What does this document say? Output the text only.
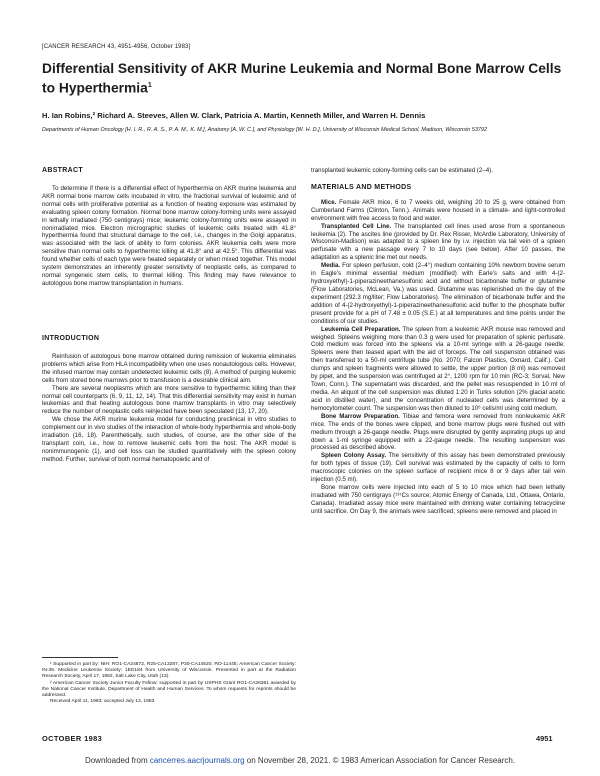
[CANCER RESEARCH 43, 4951-4956, October 1983]
Differential Sensitivity of AKR Murine Leukemia and Normal Bone Marrow Cells to Hyperthermia$^1$
H. Ian Robins,² Richard A. Steeves, Allen W. Clark, Patricia A. Martin, Kenneth Miller, and Warren H. Dennis
Departments of Human Oncology [H. I. R., R. A. S., P. A. M., K. M.], Anatomy [A. W. C.], and Physiology [W. H. D.], University of Wisconsin Medical School, Madison, Wisconsin 53792
ABSTRACT

To determine if there is a differential effect of hyperthermia on AKR murine leukemia and AKR normal bone marrow cells incubated in vitro, the fractional survival of leukemic and of normal cells with proliferative potential as a function of heating exposure was estimated by evaluating spleen colony formation. Normal bone marrow colony-forming units were assayed in lethally irradiated (750 centigrays) mice; leukemic colony-forming units were assayed in nonirradiated mice. Electron micrographic studies of leukemic cells treated with 41.8° hyperthermia found that structural damage to the cell, i.e., changes in the Golgi apparatus, was associated with the lack of ability to form colonies. AKR leukemia cells were more sensitive than normal cells to hyperthermic killing at 41.8° and at 42.5°. This differential was found whether cells of each type were heated separately or when mixed together. This model system demonstrates an inherently greater sensitivity of neoplastic cells, as compared to normal syngeneic stem cells, to thermal killing. This finding may have relevance to autologous bone marrow transplantation in humans.

INTRODUCTION

Reinfusion of autologous bone marrow obtained during remission of leukemia eliminates problems which arise from HLA incompatibility when one uses nonautologous cells. However, the infused marrow may contain undetected leukemic cells (8). A method of purging leukemic cells from stored bone marrows prior to transfusion is a desirable clinical aim.

There are several neoplasms which are more sensitive to hyperthermic killing than their normal cell counterparts (6, 9, 11, 12, 14). That this differential sensitivity may exist in human leukemias and that heating autologous bone marrow transplants in vitro may selectively reduce the number of neoplastic cells reinjected have been speculated (13, 17, 20).

We chose the AKR murine leukemia model for conducting preclinical in vitro studies to complement our in vivo studies of the interaction of whole-body hyperthermia and whole-body irradiation (16, 18). Parenthetically, such studies, of course, are the other side of the transplant coin, i.e., how to remove leukemic cells from the host. The AKR model is nonimmunogenic (1), and cell loss can be studied quantitatively with the spleen colony method. Further, survival of both normal hematopoietic and of

¹ Supported in part by: NIH: RO1-CA24872, R25-CA13287, P30-CA14520, RO-11445; American Cancer Society: IN-35. Medicine Leukemia Society: 1ED184 from University of Wisconsin. Presented in part at the Radiation Research Society, April 17, 1982, Salt Lake City, Utah (13).

² American Cancer Society Junior Faculty Fellow: supported in part by USPHS Grant RO1-CA26361 awarded by the National Cancer Institute, Department of Health and Human Services. To whom requests for reprints should be addressed.

Received April 11, 1983; accepted July 13, 1983.

transplanted leukemic colony-forming cells can be estimated (2–4).

MATERIALS AND METHODS

Mice. Female AKR mice, 6 to 7 weeks old, weighing 20 to 25 g, were obtained from Cumberland Farms (Clinton, Tenn.). Animals were housed in a climate- and light-controlled environment with free access to food and water.

Transplanted Cell Line. The transplanted cell lines used arose from a spontaneous leukemia (2). The ascites line (provided by Dr. Rex Risser, McArdle Laboratory, University of Wisconsin-Madison) was adapted to a spleen line by i.v. injection via tail vein of a spleen perfusate with a new passage every 7 to 10 days (see below). After 10 passes, the adaptation as a splenic line met our needs.

Media. For spleen perfusion, cold (2–4°) medium containing 10% newborn bovine serum in Eagle's minimal essential medium (modified) with Earle's salts and with 4-(2-hydroxyethyl)-1-piperazineethanesulfonic acid and without bicarbonate buffer or glutamine (Flow Laboratories, McLean, Va.) was used. Glutamine was replenished on the day of the experiment (292.3 mg/liter; Flow Laboratories). The elimination of bicarbonate buffer and the addition of 4-(2-hydroxyethyl)-1-piperazineethanesulfonic acid buffer to the phosphate buffer present provide for a pH of 7.48 ± 0.05 (S.E.) at all temperatures and time points under the conditions of our studies.

Leukemia Cell Preparation. The spleen from a leukemic AKR mouse was removed and weighed. Spleens weighing more than 0.3 g were used for preparation of splenic perfusate. Cold medium was forced into the spleens via a 10-ml syringe with a 26-gauge needle. Spleens were then teased apart with the aid of forceps. The cell suspension obtained was then transferred to a 50-ml centrifuge tube (No. 2070; Falcon Plastics, Oxnard, Calif.). Cell clumps and spleen fragments were allowed to settle, the upper portion (8 ml) was removed by pipet, and the suspension was centrifuged at 2°, 1200 rpm for 10 min (RC-3; Sorval, New Town, Conn.). The supernatant was discarded, and the pellet was resuspended in 10 ml of media. An aliquot of the cell suspension was diluted 1:20 in Turks solution (2% glacial acetic acid in distilled water), and the concentration of nucleated cells was determined by a hemocytometer count. The suspension was then diluted to 10⁶ cells/ml using cold medium.

Bone Marrow Preparation. Tibiae and femora were removed from nonleukemic AKR mice. The ends of the bones were clipped, and bone marrow plugs were flushed out with medium through a 26-gauge needle. Plugs were disrupted by gently aspirating plugs up and down a 1-ml syringe equipped with a 22-gauge needle. The resulting suspension was processed as described above.

Spleen Colony Assay. The sensitivity of this assay has been demonstrated previously for both types of tissue (19). Cell survival was estimated by the capacity of cells to form macroscopic colonies on the spleen surface of recipient mice 8 or 9 days after tail vein injection (0.5 ml).

Bone marrow cells were injected into each of 5 to 10 mice which had been lethally irradiated with 750 centigrays (¹³⁷Cs source; Atomic Energy of Canada, Ltd., Ottawa, Ontario, Canada). Irradiated assay mice were maintained with drinking water containing tetracycline until sacrifice. On Day 9, the animals were sacrificed; spleens were removed and placed in

OCTOBER 1983	4951
Downloaded from cancerres.aacrjournals.org on November 28, 2021. © 1983 American Association for Cancer Research.
